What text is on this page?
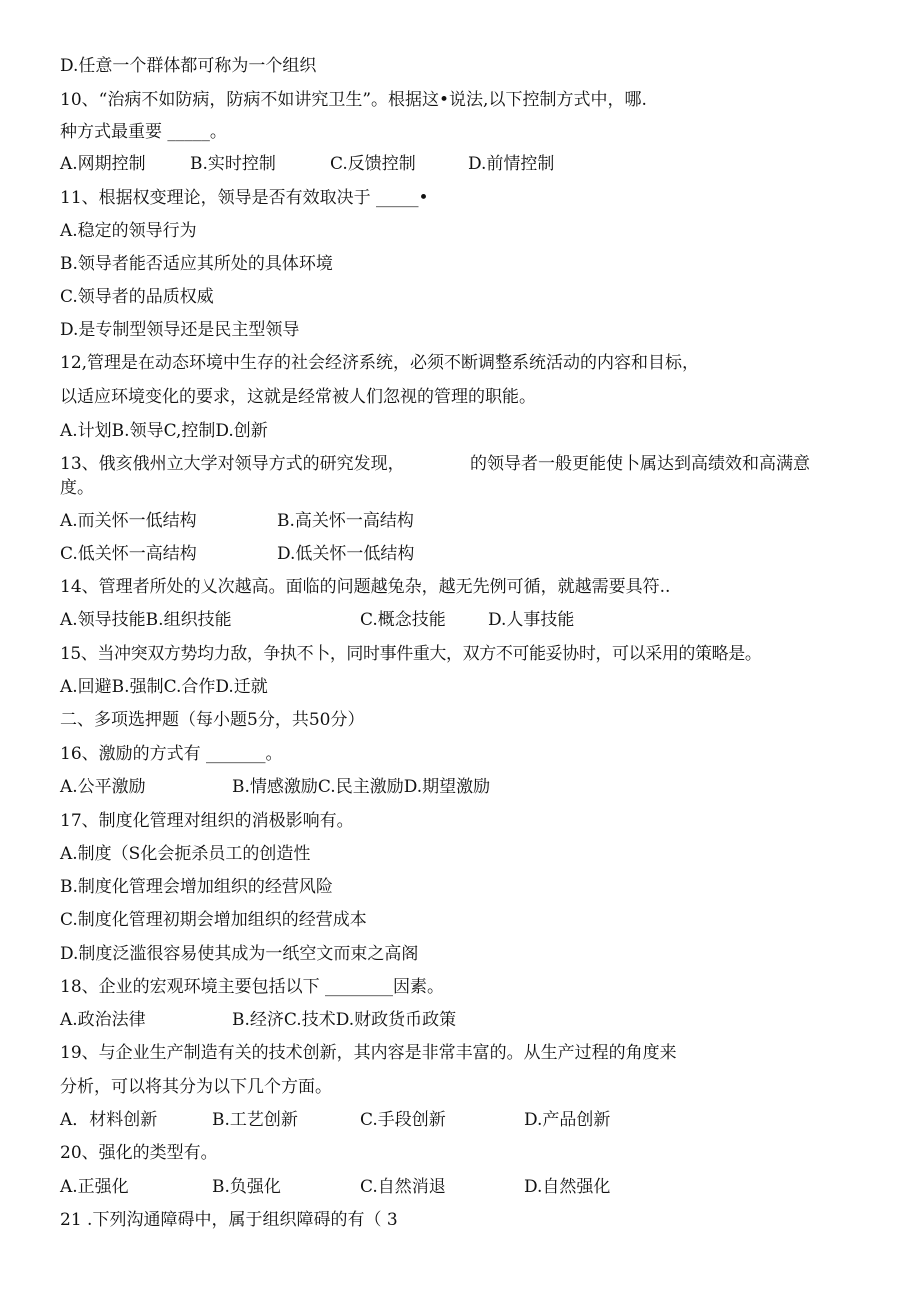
D.任意一个群体都可称为一个组织
10、“治病不如防病，防病不如讲究卫生”。根据这•说法,以下控制方式中，哪.
种方式最重要 _____。
A.网期控制	B.实时控制	C.反馈控制	D.前情控制
11、根据权变理论，领导是否有效取决于 _____•
A.稳定的领导行为
B.领导者能否适应其所处的具体环境
C.领导者的品质权威
D.是专制型领导还是民主型领导
12,管理是在动态环境中生存的社会经济系统，必须不断调整系统活动的内容和目标，
以适应环境变化的要求，这就是经常被人们忽视的管理的职能。
A.计划B.领导C,控制D.创新
13、俄亥俄州立大学对领导方式的研究发现，	的领导者一般更能使卜属达到高绩效和高满意
度。
A.而关怀一低结构	B.高关怀一高结构
C.低关怀一高结构	D.低关怀一低结构
14、管理者所处的乂次越高。面临的问题越兔杂，越无先例可循，就越需要具符..
A.领导技能B.组织技能	C.概念技能 D.人事技能
15、当冲突双方势均力敌，争执不卜，同时事件重大，双方不可能妥协时，可以采用的策略是。
A.回避B.强制C.合作D.迁就
二、多项选押题（每小题5分，共50分）
16、激励的方式有 _______。
A.公平激励	B.情感激励C.民主激励D.期望激励
17、制度化管理对组织的消极影响有。
A.制度（S化会扼杀员工的创造性
B.制度化管理会增加组织的经营风险
C.制度化管理初期会增加组织的经营成本
D.制度泛滥很容易使其成为一纸空文而束之高阁
18、企业的宏观环境主要包括以下 ________因素。
A.政治法律	B.经济C.技术D.财政货币政策
19、与企业生产制造有关的技术创新，其内容是非常丰富的。从生产过程的角度来
分析，可以将其分为以下几个方面。
A．材料创新	B.工艺创新	C.手段创新	D.产品创新
20、强化的类型有。
A.正强化	B.负强化	C.自然消退	D.自然强化
21 .下列沟通障碍中，属于组织障碍的有（ 3
